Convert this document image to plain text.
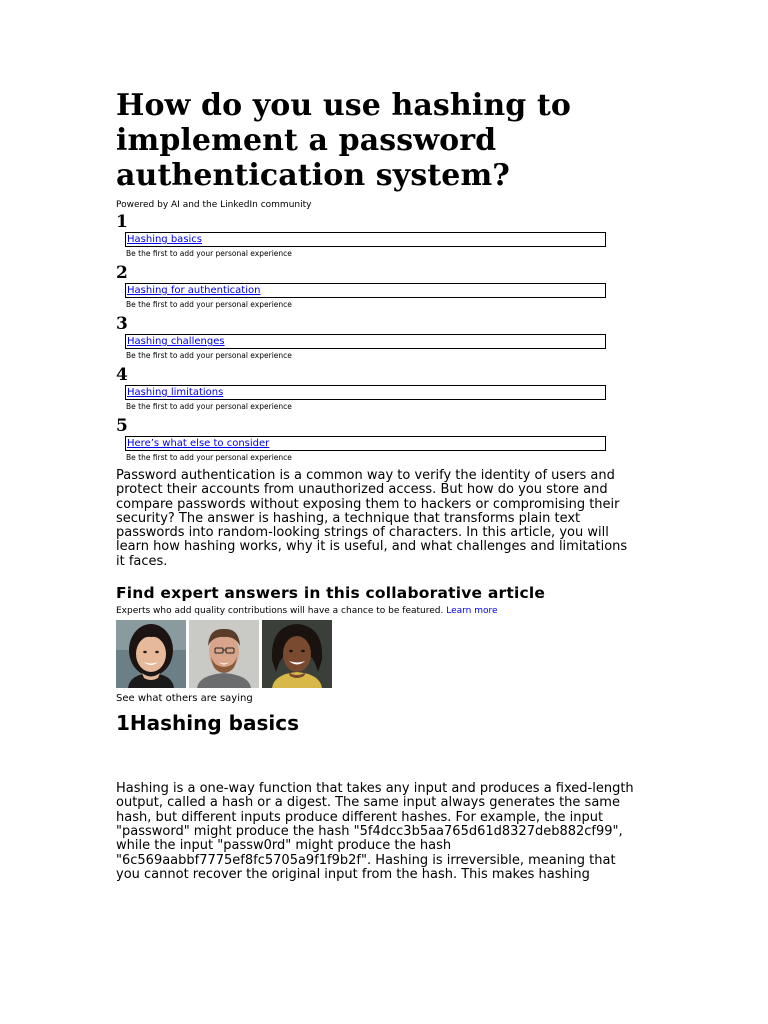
How do you use hashing to implement a password authentication system?
Powered by AI and the LinkedIn community
1
Hashing basics
Be the first to add your personal experience
2
Hashing for authentication
Be the first to add your personal experience
3
Hashing challenges
Be the first to add your personal experience
4
Hashing limitations
Be the first to add your personal experience
5
Here’s what else to consider
Be the first to add your personal experience
Password authentication is a common way to verify the identity of users and protect their accounts from unauthorized access. But how do you store and compare passwords without exposing them to hackers or compromising their security? The answer is hashing, a technique that transforms plain text passwords into random-looking strings of characters. In this article, you will learn how hashing works, why it is useful, and what challenges and limitations it faces.
Find expert answers in this collaborative article
Experts who add quality contributions will have a chance to be featured. Learn more
See what others are saying
1Hashing basics
Hashing is a one-way function that takes any input and produces a fixed-length output, called a hash or a digest. The same input always generates the same hash, but different inputs produce different hashes. For example, the input "password" might produce the hash "5f4dcc3b5aa765d61d8327deb882cf99", while the input "passw0rd" might produce the hash "6c569aabbf7775ef8fc5705a9f1f9b2f". Hashing is irreversible, meaning that you cannot recover the original input from the hash. This makes hashing
